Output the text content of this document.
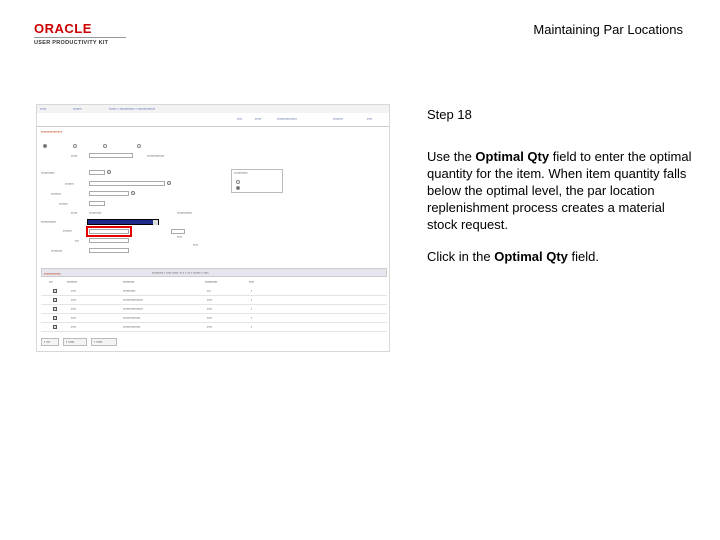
ORACLE
USER PRODUCTIVITY KIT
Maintaining Par Locations
▪▪▪▪▪	▪▪▪▪▪▪▪	▪▪▪▪▪▪ ▪ ▪▪▪▪▪▪▪▪▪▪▪▪ ▪ ▪▪▪▪▪▪▪▪▪▪▪▪▪▪
▪▪▪▪	▪▪▪▪▪	▪▪▪▪▪▪▪▪▪▪▪▪▪▪▪▪	▪▪▪▪▪▪▪▪	▪▪▪▪
▪▪▪▪▪▪▪▪▪▪▪▪▪▪▪
▪▪▪▪▪	▪▪▪▪▪▪▪▪▪▪▪▪▪▪
▪▪▪▪▪▪▪▪▪▪▪
▪▪▪▪▪▪▪
▪▪▪▪▪▪▪▪
▪▪▪▪▪▪▪
▪▪▪▪▪▪▪▪▪▪▪
▪▪▪▪▪	▪▪▪▪▪▪▪▪▪▪	▪▪▪▪▪▪▪▪▪▪▪▪
▪▪▪▪▪▪▪▪▪▪▪▪
▪▪▪▪▪▪▪
▪▪▪▪
▪▪▪
▪▪▪▪
▪▪▪▪▪▪▪▪▪
▪▪▪▪▪▪▪▪▪▪▪▪	▪▪▪▪▪▪▪▪▪ ▪ ▪▪▪▪ ▪▪▪▪▪ ▪▪ ▪ ▪ ▪▪ ▪ ▪▪▪▪▪▪ ▪ ▪▪▪▪
▪▪▪	▪▪▪▪▪▪▪▪	▪▪▪▪▪▪▪▪▪	▪▪▪▪▪▪▪▪▪▪	▪▪▪▪
▪▪▪▪	▪▪▪▪▪▪▪▪▪▪	▪▪▪	▪
▪▪▪▪	▪▪▪▪▪▪▪▪▪▪▪▪▪▪▪▪	▪▪▪▪	▪
▪▪▪▪	▪▪▪▪▪▪▪▪▪▪▪▪▪▪▪▪	▪▪▪▪	▪
▪▪▪▪	▪▪▪▪▪▪▪▪▪▪▪▪▪▪	▪▪▪▪	▪
▪▪▪▪	▪▪▪▪▪▪▪▪▪▪▪▪▪▪	▪▪▪▪	▪
▪ ▪▪▪	▪ ▪▪▪▪▪	▪ ▪▪▪▪▪
Step 18
Use the Optimal Qty field to enter the optimal quantity for the item. When item quantity falls below the optimal level, the par location replenishment process creates a material stock request.
Click in the Optimal Qty field.
